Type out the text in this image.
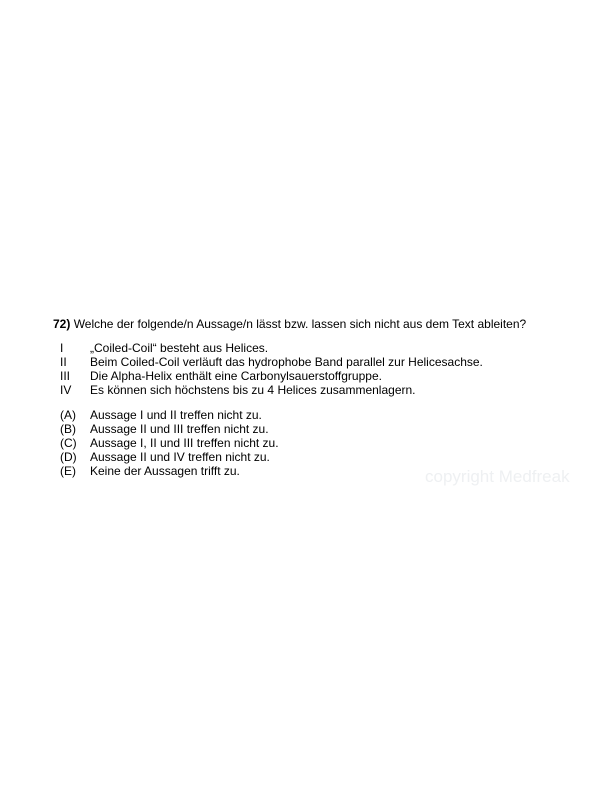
72) Welche der folgende/n Aussage/n lässt bzw. lassen sich nicht aus dem Text ableiten?
I	„Coiled-Coil“ besteht aus Helices.
II	Beim Coiled-Coil verläuft das hydrophobe Band parallel zur Helicesachse.
III	Die Alpha-Helix enthält eine Carbonylsauerstoffgruppe.
IV	Es können sich höchstens bis zu 4 Helices zusammenlagern.
(A)	Aussage I und II treffen nicht zu.
(B)	Aussage II und III treffen nicht zu.
(C)	Aussage I, II und III treffen nicht zu.
(D)	Aussage II und IV treffen nicht zu.
(E)	Keine der Aussagen trifft zu.	copyright Medfreak
